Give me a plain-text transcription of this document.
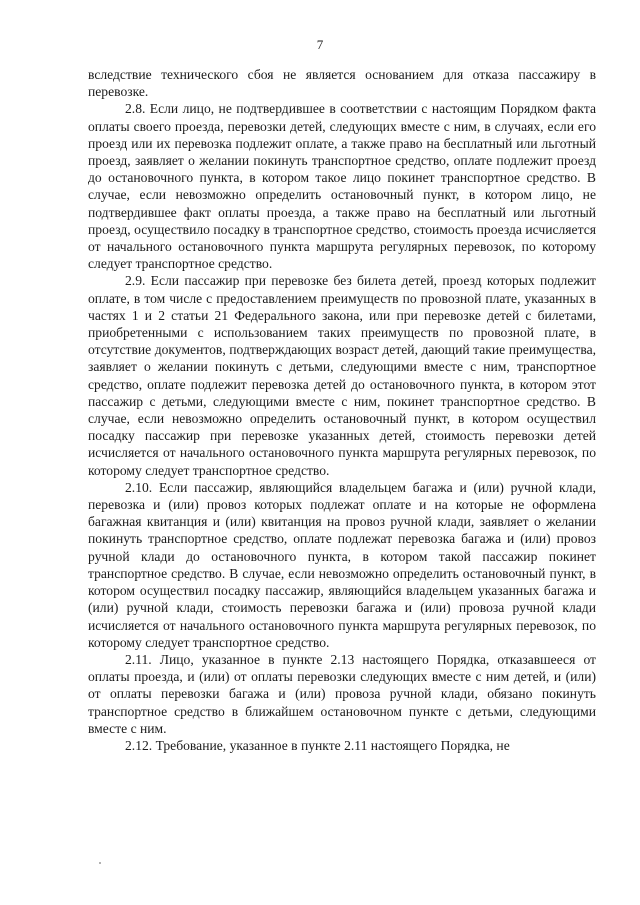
7

вследствие технического сбоя не является основанием для отказа пассажиру в перевозке.

2.8. Если лицо, не подтвердившее в соответствии с настоящим Порядком факта оплаты своего проезда, перевозки детей, следующих вместе с ним, в случаях, если его проезд или их перевозка подлежит оплате, а также право на бесплатный или льготный проезд, заявляет о желании покинуть транспортное средство, оплате подлежит проезд до остановочного пункта, в котором такое лицо покинет транспортное средство. В случае, если невозможно определить остановочный пункт, в котором лицо, не подтвердившее факт оплаты проезда, а также право на бесплатный или льготный проезд, осуществило посадку в транспортное средство, стоимость проезда исчисляется от начального остановочного пункта маршрута регулярных перевозок, по которому следует транспортное средство.

2.9. Если пассажир при перевозке без билета детей, проезд которых подлежит оплате, в том числе с предоставлением преимуществ по провозной плате, указанных в частях 1 и 2 статьи 21 Федерального закона, или при перевозке детей с билетами, приобретенными с использованием таких преимуществ по провозной плате, в отсутствие документов, подтверждающих возраст детей, дающий такие преимущества, заявляет о желании покинуть с детьми, следующими вместе с ним, транспортное средство, оплате подлежит перевозка детей до остановочного пункта, в котором этот пассажир с детьми, следующими вместе с ним, покинет транспортное средство. В случае, если невозможно определить остановочный пункт, в котором осуществил посадку пассажир при перевозке указанных детей, стоимость перевозки детей исчисляется от начального остановочного пункта маршрута регулярных перевозок, по которому следует транспортное средство.

2.10. Если пассажир, являющийся владельцем багажа и (или) ручной клади, перевозка и (или) провоз которых подлежат оплате и на которые не оформлена багажная квитанция и (или) квитанция на провоз ручной клади, заявляет о желании покинуть транспортное средство, оплате подлежат перевозка багажа и (или) провоз ручной клади до остановочного пункта, в котором такой пассажир покинет транспортное средство. В случае, если невозможно определить остановочный пункт, в котором осуществил посадку пассажир, являющийся владельцем указанных багажа и (или) ручной клади, стоимость перевозки багажа и (или) провоза ручной клади исчисляется от начального остановочного пункта маршрута регулярных перевозок, по которому следует транспортное средство.

2.11. Лицо, указанное в пункте 2.13 настоящего Порядка, отказавшееся от оплаты проезда, и (или) от оплаты перевозки следующих вместе с ним детей, и (или) от оплаты перевозки багажа и (или) провоза ручной клади, обязано покинуть транспортное средство в ближайшем остановочном пункте с детьми, следующими вместе с ним.

2.12. Требование, указанное в пункте 2.11 настоящего Порядка, не
